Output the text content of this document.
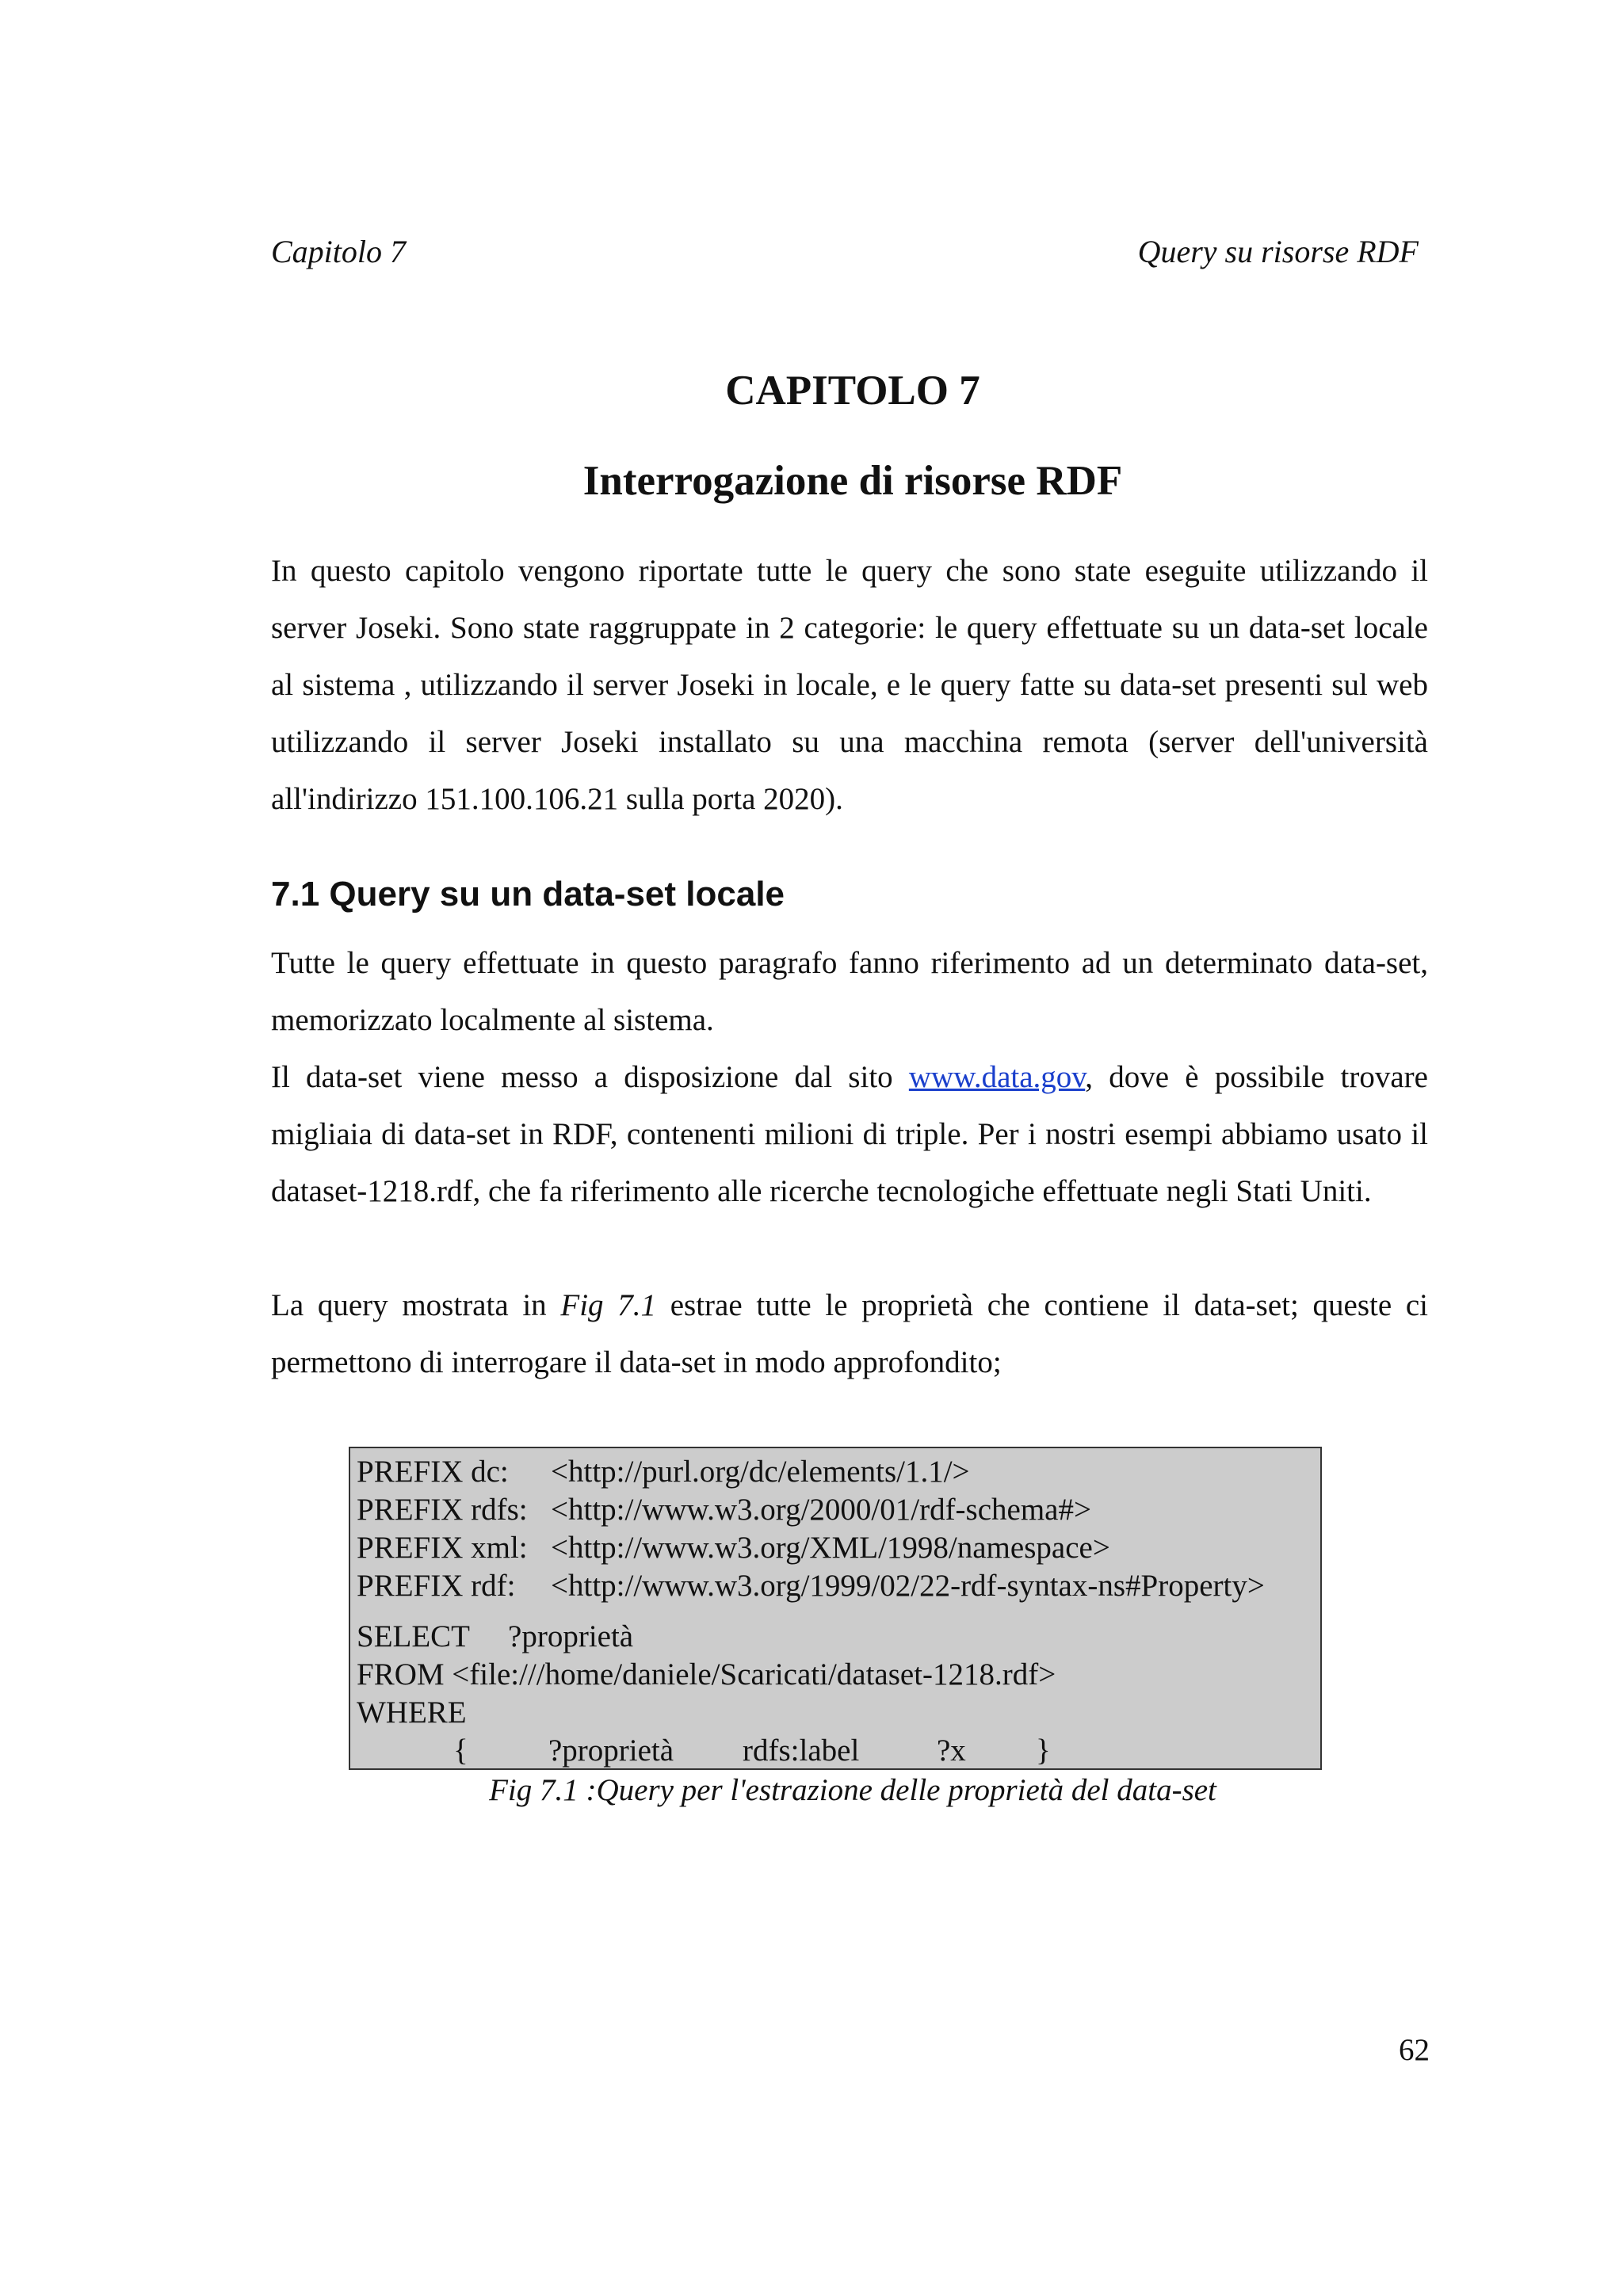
Capitolo 7	Query su risorse RDF
CAPITOLO 7
Interrogazione di risorse RDF

In questo capitolo vengono riportate tutte le query che sono state eseguite utilizzando il server Joseki. Sono state raggruppate in 2 categorie: le query effettuate su un data-set locale al sistema , utilizzando il server Joseki in locale, e le query fatte su data-set presenti sul web utilizzando il server Joseki installato su una macchina remota (server dell'università all'indirizzo 151.100.106.21 sulla porta 2020).

7.1 Query su un data-set locale

Tutte le query effettuate in questo paragrafo fanno riferimento ad un determinato data-set, memorizzato localmente al sistema.

Il data-set viene messo a disposizione dal sito www.data.gov, dove è possibile trovare migliaia di data-set in RDF, contenenti milioni di triple. Per i nostri esempi abbiamo usato il dataset-1218.rdf, che fa riferimento alle ricerche tecnologiche effettuate negli Stati Uniti.

La query mostrata in Fig 7.1 estrae tutte le proprietà che contiene il data-set; queste ci permettono di interrogare il data-set in modo approfondito;

PREFIX dc:	<http://purl.org/dc/elements/1.1/>
PREFIX rdfs: <http://www.w3.org/2000/01/rdf-schema#>
PREFIX xml: <http://www.w3.org/XML/1998/namespace>
PREFIX rdf:	<http://www.w3.org/1999/02/22-rdf-syntax-ns#Property>
SELECT     ?proprietà
FROM <file:///home/daniele/Scaricati/dataset-1218.rdf>
WHERE
{	?proprietà	rdfs:label	?x	}
Fig 7.1 :Query per l'estrazione delle proprietà del data-set
62
